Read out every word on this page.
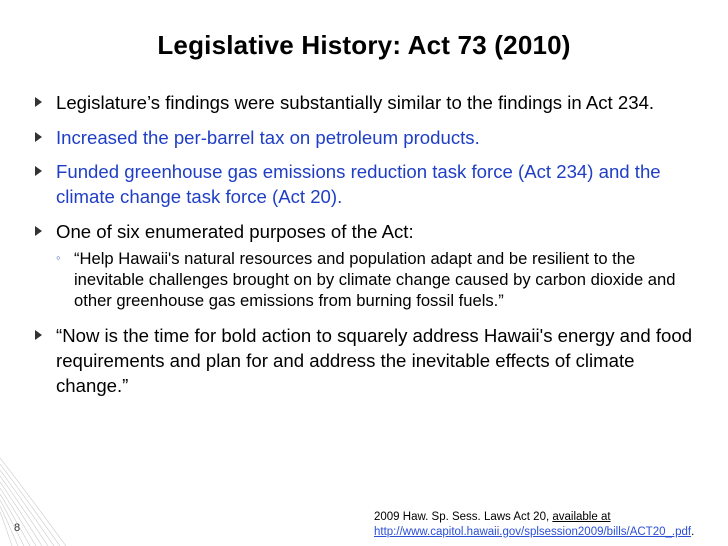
Legislative History: Act 73 (2010)
Legislature’s findings were substantially similar to the findings in Act 234.
Increased the per-barrel tax on petroleum products.
Funded greenhouse gas emissions reduction task force (Act 234) and the climate change task force (Act 20).
One of six enumerated purposes of the Act:
◦ “Help Hawaii's natural resources and population adapt and be resilient to the inevitable challenges brought on by climate change caused by carbon dioxide and other greenhouse gas emissions from burning fossil fuels.”
“Now is the time for bold action to squarely address Hawaii's energy and food requirements and plan for and address the inevitable effects of climate change.”
8
2009 Haw. Sp. Sess. Laws Act 20, available at
http://www.capitol.hawaii.gov/splsession2009/bills/ACT20_.pdf.
